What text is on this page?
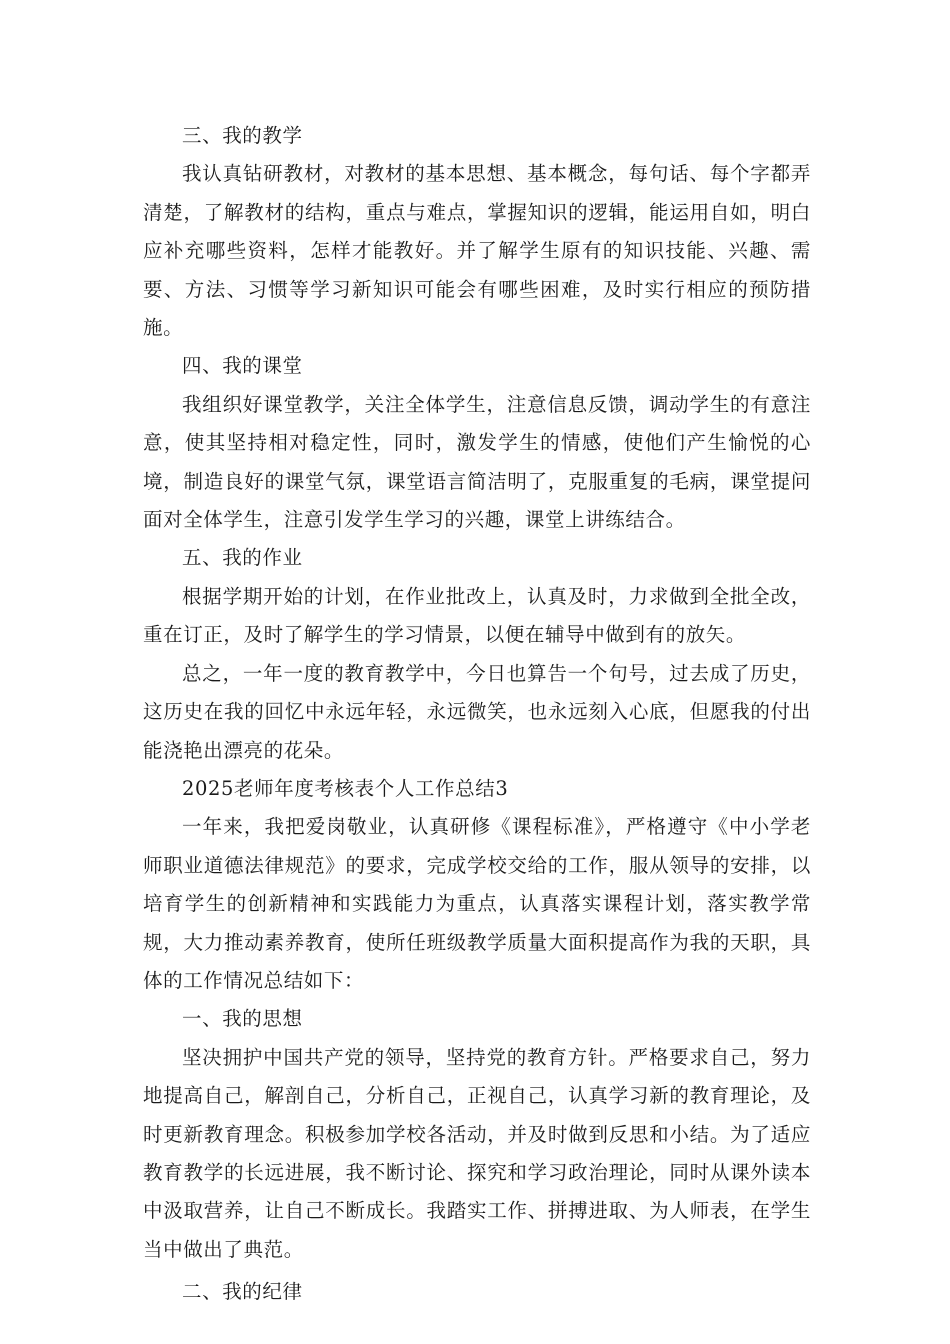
三、我的教学

我认真钻研教材，对教材的基本思想、基本概念，每句话、每个字都弄清楚，了解教材的结构，重点与难点，掌握知识的逻辑，能运用自如，明白应补充哪些资料，怎样才能教好。并了解学生原有的知识技能、兴趣、需要、方法、习惯等学习新知识可能会有哪些困难，及时实行相应的预防措施。

四、我的课堂

我组织好课堂教学，关注全体学生，注意信息反馈，调动学生的有意注意，使其坚持相对稳定性，同时，激发学生的情感，使他们产生愉悦的心境，制造良好的课堂气氛，课堂语言简洁明了，克服重复的毛病，课堂提问面对全体学生，注意引发学生学习的兴趣，课堂上讲练结合。

五、我的作业

根据学期开始的计划，在作业批改上，认真及时，力求做到全批全改，重在订正，及时了解学生的学习情景，以便在辅导中做到有的放矢。

总之，一年一度的教育教学中，今日也算告一个句号，过去成了历史，这历史在我的回忆中永远年轻，永远微笑，也永远刻入心底，但愿我的付出能浇艳出漂亮的花朵。

2025老师年度考核表个人工作总结3

一年来，我把爱岗敬业，认真研修《课程标准》，严格遵守《中小学老师职业道德法律规范》的要求，完成学校交给的工作，服从领导的安排，以培育学生的创新精神和实践能力为重点，认真落实课程计划，落实教学常规，大力推动素养教育，使所任班级教学质量大面积提高作为我的天职，具体的工作情况总结如下：

一、我的思想

坚决拥护中国共产党的领导，坚持党的教育方针。严格要求自己，努力地提高自己，解剖自己，分析自己，正视自己，认真学习新的教育理论，及时更新教育理念。积极参加学校各活动，并及时做到反思和小结。为了适应教育教学的长远进展，我不断讨论、探究和学习政治理论，同时从课外读本中汲取营养，让自己不断成长。我踏实工作、拼搏进取、为人师表，在学生当中做出了典范。

二、我的纪律
